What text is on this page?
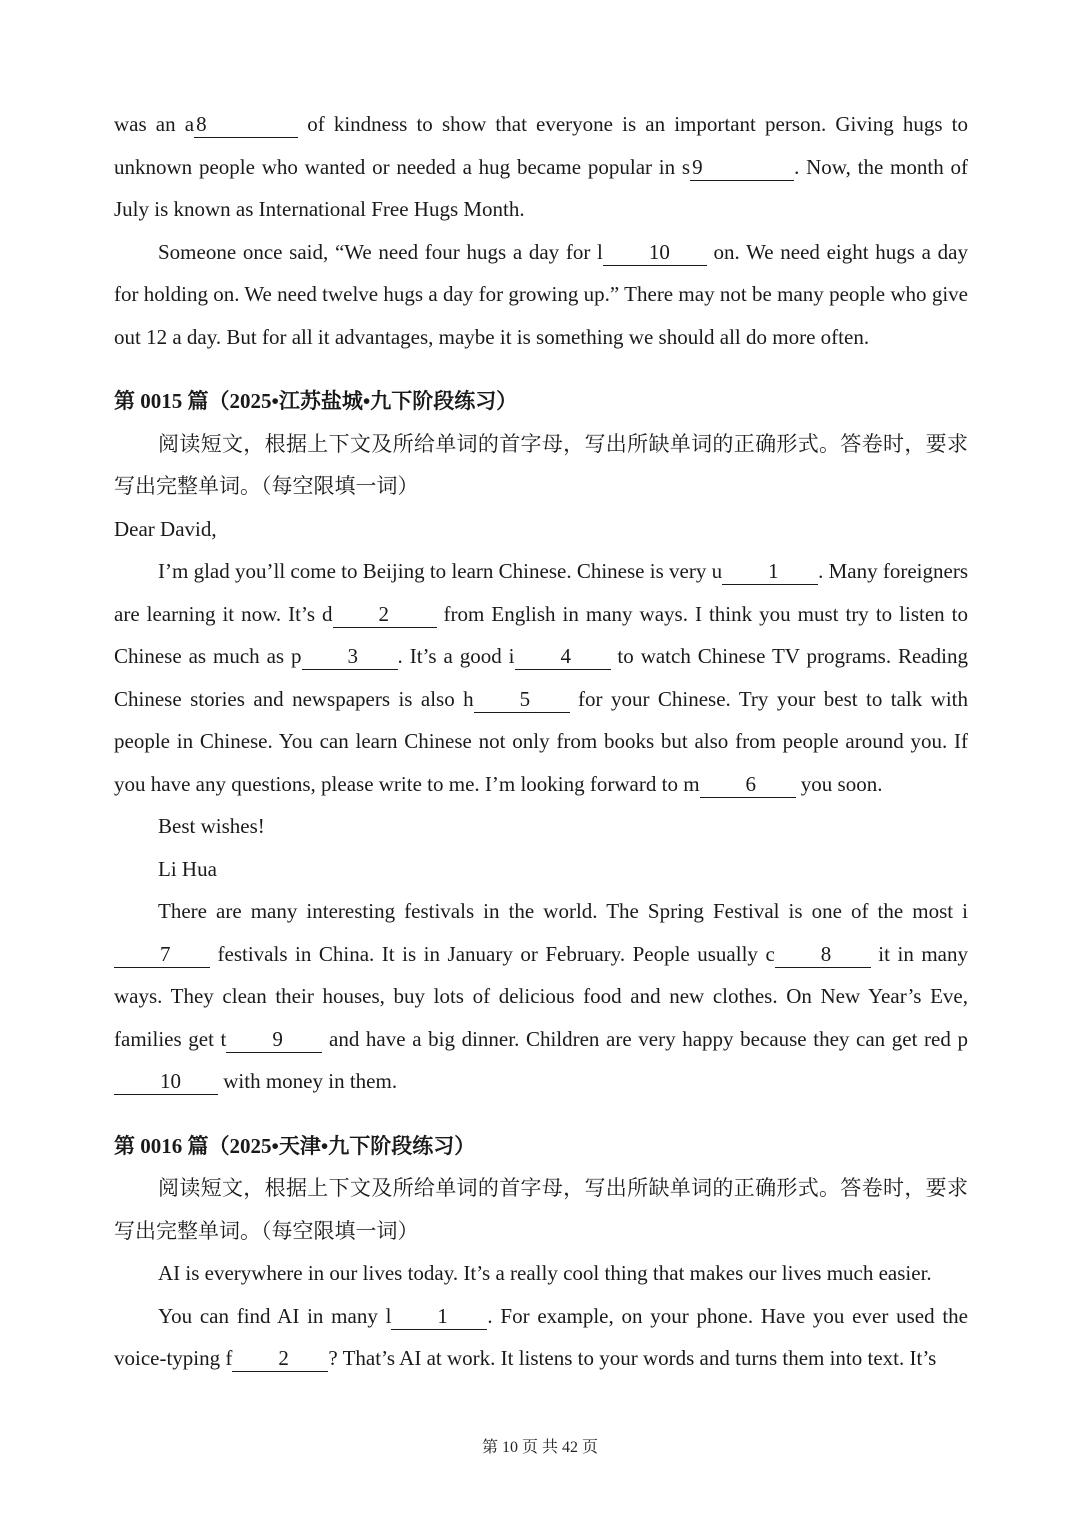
was an a8	of kindness to show that everyone is an important person. Giving hugs to unknown people who wanted or needed a hug became popular in s9	. Now, the month of July is known as International Free Hugs Month.

Someone once said, “We need four hugs a day for l 10 on. We need eight hugs a day for holding on. We need twelve hugs a day for growing up.” There may not be many people who give out 12 a day. But for all it advantages, maybe it is something we should all do more often.

第 0015 篇（2025•江苏盐城•九下阶段练习）

阅读短文，根据上下文及所给单词的首字母，写出所缺单词的正确形式。答卷时，要求写出完整单词。（每空限填一词）

Dear David,

I’m glad you’ll come to Beijing to learn Chinese. Chinese is very u 1 . Many foreigners are learning it now. It’s d 2 from English in many ways. I think you must try to listen to Chinese as much as p 3 . It’s a good i 4 to watch Chinese TV programs. Reading Chinese stories and newspapers is also h 5 for your Chinese. Try your best to talk with people in Chinese. You can learn Chinese not only from books but also from people around you. If you have any questions, please write to me. I’m looking forward to m 6 you soon.

Best wishes!

Li Hua

There are many interesting festivals in the world. The Spring Festival is one of the most i7 festivals in China. It is in January or February. People usually c 8 it in many ways. They clean their houses, buy lots of delicious food and new clothes. On New Year’s Eve, families get t 9 and have a big dinner. Children are very happy because they can get red p10 with money in them.

第 0016 篇（2025•天津•九下阶段练习）

阅读短文，根据上下文及所给单词的首字母，写出所缺单词的正确形式。答卷时，要求写出完整单词。（每空限填一词）

AI is everywhere in our lives today. It’s a really cool thing that makes our lives much easier.

You can find AI in many l 1 . For example, on your phone. Have you ever used the voice-typing f 2 ? That’s AI at work. It listens to your words and turns them into text. It’s

第 10 页 共 42 页
